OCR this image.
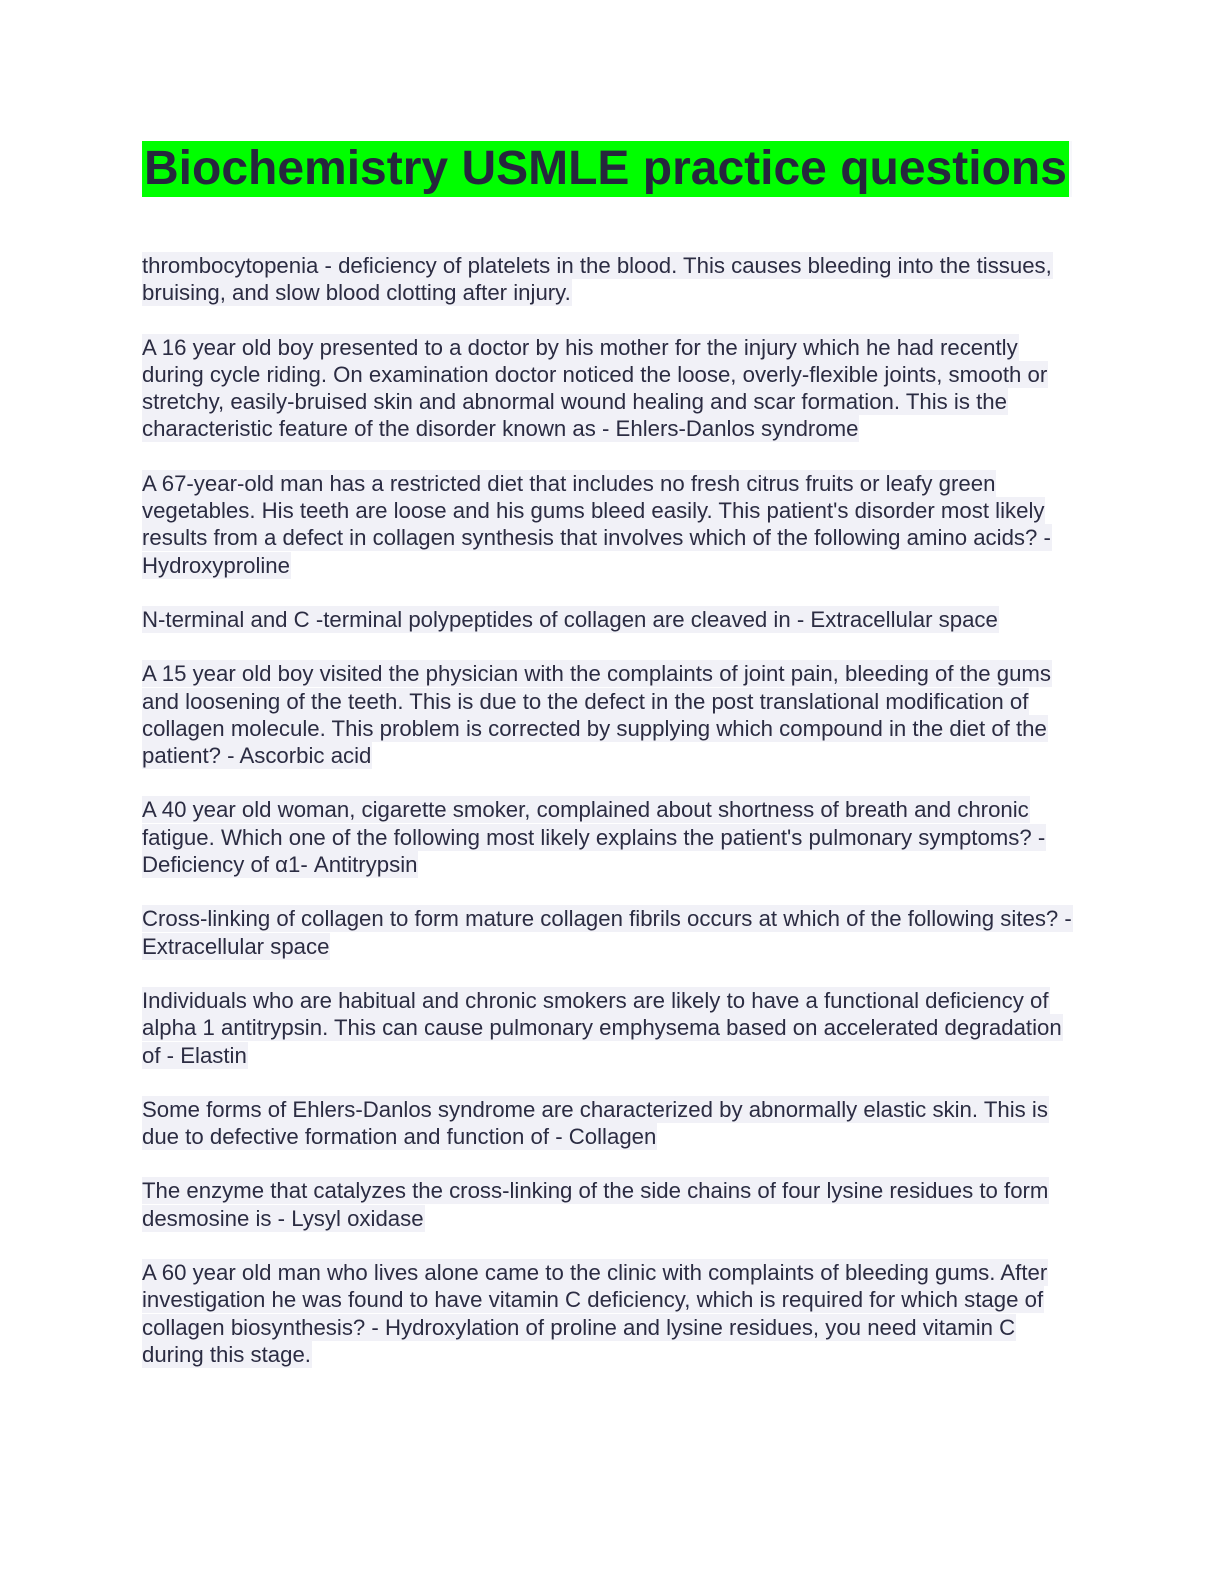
Biochemistry USMLE practice questions
thrombocytopenia - deficiency of platelets in the blood. This causes bleeding into the tissues, bruising, and slow blood clotting after injury.
A 16 year old boy presented to a doctor by his mother for the injury which he had recently during cycle riding. On examination doctor noticed the loose, overly-flexible joints, smooth or stretchy, easily-bruised skin and abnormal wound healing and scar formation. This is the characteristic feature of the disorder known as - Ehlers-Danlos syndrome
A 67-year-old man has a restricted diet that includes no fresh citrus fruits or leafy green vegetables. His teeth are loose and his gums bleed easily. This patient's disorder most likely results from a defect in collagen synthesis that involves which of the following amino acids? - Hydroxyproline
N-terminal and C -terminal polypeptides of collagen are cleaved in - Extracellular space
A 15 year old boy visited the physician with the complaints of joint pain, bleeding of the gums and loosening of the teeth. This is due to the defect in the post translational modification of collagen molecule. This problem is corrected by supplying which compound in the diet of the patient? - Ascorbic acid
A 40 year old woman, cigarette smoker, complained about shortness of breath and chronic fatigue. Which one of the following most likely explains the patient's pulmonary symptoms? - Deficiency of α1- Antitrypsin
Cross-linking of collagen to form mature collagen fibrils occurs at which of the following sites? - Extracellular space
Individuals who are habitual and chronic smokers are likely to have a functional deficiency of alpha 1 antitrypsin. This can cause pulmonary emphysema based on accelerated degradation of - Elastin
Some forms of Ehlers-Danlos syndrome are characterized by abnormally elastic skin. This is due to defective formation and function of - Collagen
The enzyme that catalyzes the cross-linking of the side chains of four lysine residues to form desmosine is - Lysyl oxidase
A 60 year old man who lives alone came to the clinic with complaints of bleeding gums. After investigation he was found to have vitamin C deficiency, which is required for which stage of collagen biosynthesis? - Hydroxylation of proline and lysine residues, you need vitamin C during this stage.
